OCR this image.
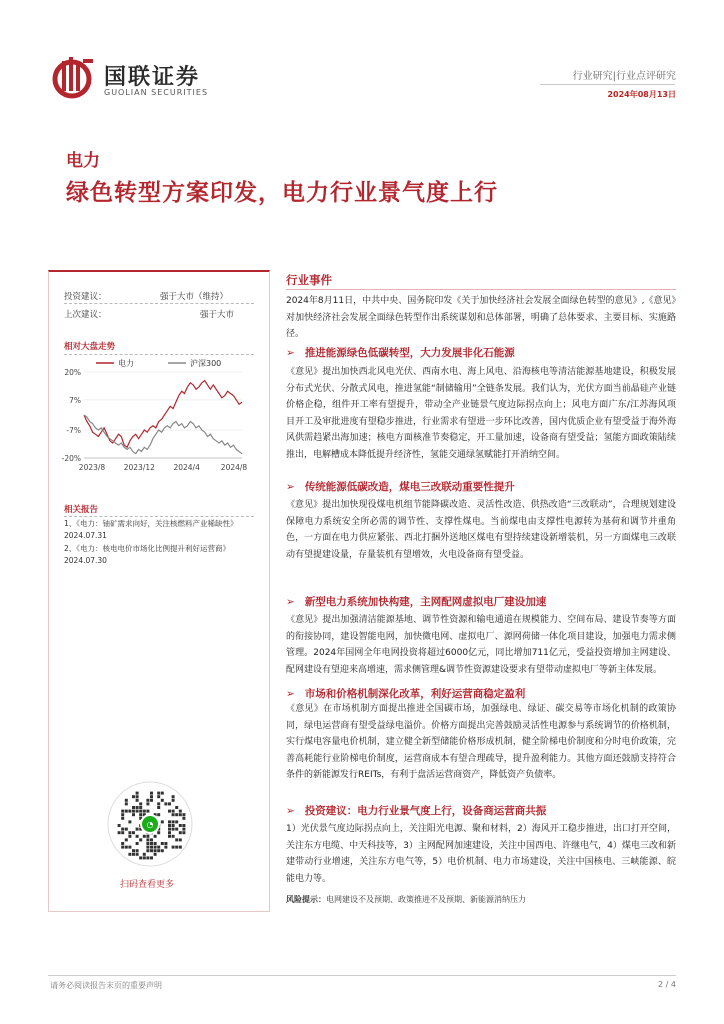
国联证券
GUOLIAN SECURITIES
行业研究|行业点评研究
2024年08月13日
电力
绿色转型方案印发，电力行业景气度上行
投资建议：	强于大市（维持）
上次建议：	强于大市
相对大盘走势
电力	沪深300
20%
7%
-7%
-20%
2023/8 2023/12 2024/4	2024/8
相关报告
1、《电力：铀矿需求向好，关注核燃料产业稀缺性》2024.07.31
2、《电力：核电电价市场化比例提升利好运营商》2024.07.30
◔
扫码查看更多
行业事件
2024年8月11日，中共中央、国务院印发《关于加快经济社会发展全面绿色转型的意见》,《意见》对加快经济社会发展全面绿色转型作出系统谋划和总体部署，明确了总体要求、主要目标、实施路径。
➢ 推进能源绿色低碳转型，大力发展非化石能源
《意见》提出加快西北风电光伏、西南水电、海上风电、沿海核电等清洁能源基地建设，积极发展分布式光伏、分散式风电，推进氢能“制储输用”全链条发展。我们认为，光伏方面当前晶硅产业链价格企稳，组件开工率有望提升，带动全产业链景气度边际拐点向上；风电方面广东/江苏海风项目开工及审批进度有望稳步推进，行业需求有望进一步环比改善，国内优质企业有望受益于海外海风供需趋紧出海加速；核电方面核准节奏稳定，开工量加速，设备商有望受益；氢能方面政策陆续推出，电解槽成本降低提升经济性，氢能交通绿氢赋能打开消纳空间。
➢ 传统能源低碳改造，煤电三改联动重要性提升
《意见》提出加快现役煤电机组节能降碳改造、灵活性改造、供热改造“三改联动”，合理规划建设保障电力系统安全所必需的调节性、支撑性煤电。当前煤电由支撑性电源转为基荷和调节并重角色，一方面在电力供应紧张、西北打捆外送地区煤电有望持续建设新增装机，另一方面煤电三改联动有望提建设量，存量装机有望增效，火电设备商有望受益。
➢ 新型电力系统加快构建，主网配网虚拟电厂建设加速
《意见》提出加强清洁能源基地、调节性资源和输电通道在规模能力、空间布局、建设节奏等方面的衔接协同，建设智能电网，加快微电网、虚拟电厂、源网荷储一体化项目建设，加强电力需求侧管理。2024年国网全年电网投资将超过6000亿元，同比增加711亿元，受益投资增加主网建设、配网建设有望迎来高增速，需求侧管理&调节性资源建设要求有望带动虚拟电厂等新主体发展。
➢ 市场和价格机制深化改革，利好运营商稳定盈利
《意见》在市场机制方面提出推进全国碳市场，加强绿电、绿证、碳交易等市场化机制的政策协同，绿电运营商有望受益绿电溢价。价格方面提出完善鼓励灵活性电源参与系统调节的价格机制，实行煤电容量电价机制，建立健全新型储能价格形成机制，健全阶梯电价制度和分时电价政策，完善高耗能行业阶梯电价制度，运营商成本有望合理疏导，提升盈利能力。其他方面还鼓励支持符合条件的新能源发行REITs，有利于盘活运营商资产，降低资产负债率。
➢ 投资建议：电力行业景气度上行，设备商运营商共振
1）光伏景气度边际拐点向上，关注阳光电源、聚和材料，2）海风开工稳步推进，出口打开空间，关注东方电缆、中天科技等，3）主网配网加速建设，关注中国西电、许继电气，4）煤电三改和新建带动行业增速，关注东方电气等，5）电价机制、电力市场建设，关注中国核电、三峡能源、皖能电力等。
风险提示：电网建设不及预期、政策推进不及预期、新能源消纳压力
请务必阅读报告末页的重要声明	2 / 4
